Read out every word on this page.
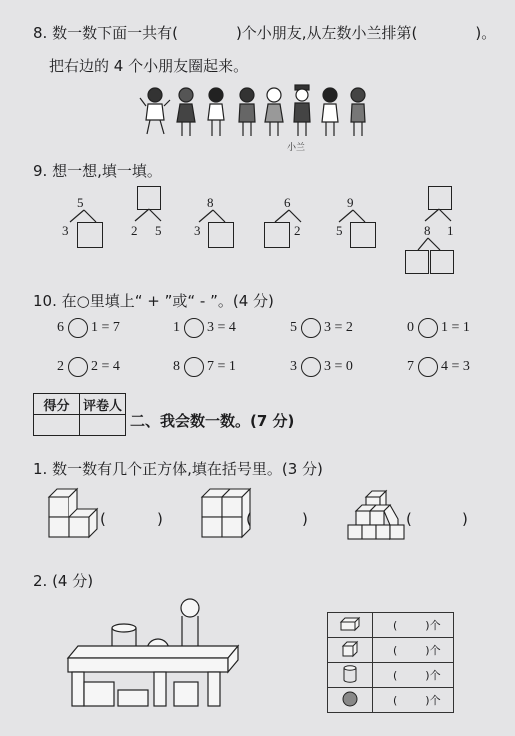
8. 数一数下面一共有(	)个小朋友,从左数小兰排第(	)。
把右边的 4 个小朋友圈起来。
小兰
9. 想一想,填一填。
5
3	2 5
8
3
6
2
9
5	8 1
10. 在○里填上“ + ”或“ - ”。(4 分)
6 1 = 7	1 3 = 4	5 3 = 2	0 1 = 1
2 2 = 4	8 7 = 1	3 3 = 0	7 4 = 3
得分	评卷人

二、我会数一数。(7 分)
1. 数一数有几个正方体,填在括号里。(3 分)
(	)	(	)	(	)
2. (4 分)
	( )个
	( )个
	( )个
	( )个
